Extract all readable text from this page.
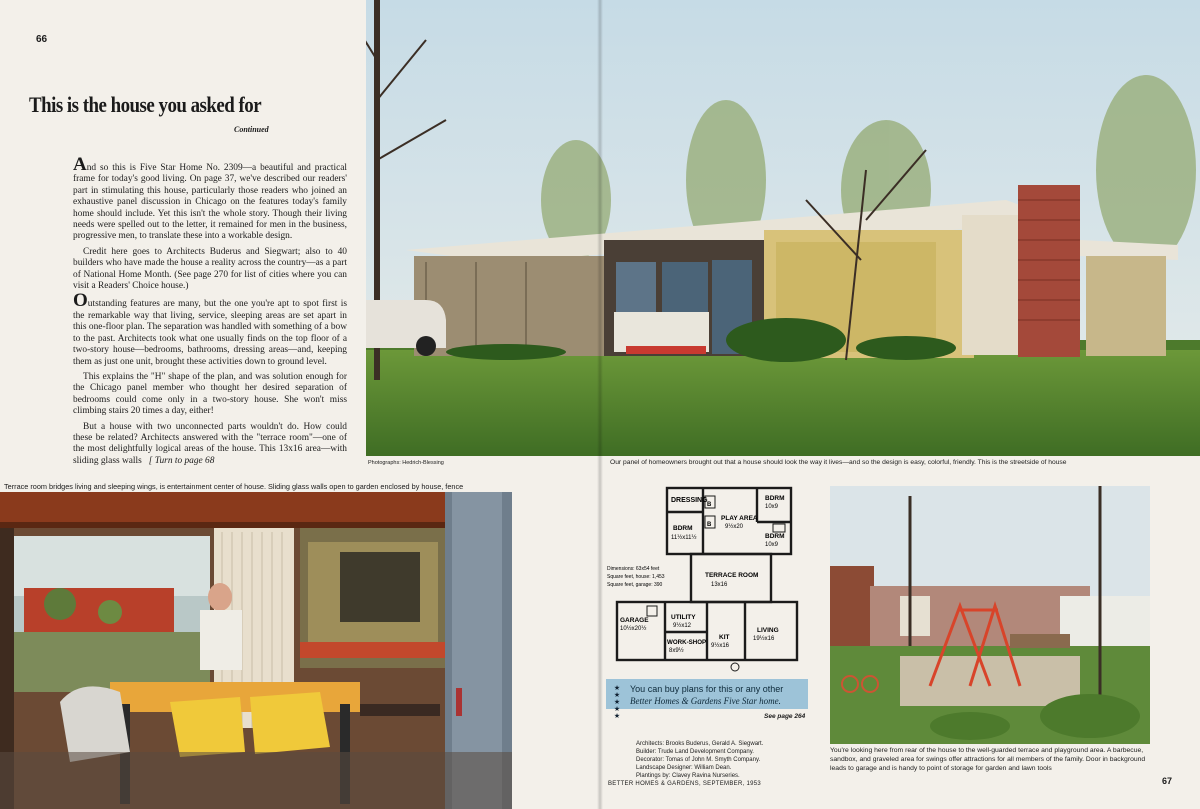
66
This is the house you asked for
Continued

And so this is Five Star Home No. 2309—a beautiful and practical frame for today's good living. On page 37, we've described our readers' part in stimulating this house, particularly those readers who joined an exhaustive panel discussion in Chicago on the features today's family home should include. Yet this isn't the whole story. Though their living needs were spelled out to the letter, it remained for men in the business, progressive men, to translate these into a workable design.

Credit here goes to Architects Buderus and Siegwart; also to 40 builders who have made the house a reality across the country—as a part of National Home Month. (See page 270 for list of cities where you can visit a Readers' Choice house.)

Outstanding features are many, but the one you're apt to spot first is the remarkable way that living, service, sleeping areas are set apart in this one-floor plan. The separation was handled with something of a bow to the past. Architects took what one usually finds on the top floor of a two-story house—bedrooms, bathrooms, dressing areas—and, keeping them as just one unit, brought these activities down to ground level.

This explains the "H" shape of the plan, and was solution enough for the Chicago panel member who thought her desired separation of bedrooms could come only in a two-story house. She won't miss climbing stairs 20 times a day, either!

But a house with two unconnected parts wouldn't do. How could these be related? Architects answered with the "terrace room"—one of the most delightfully logical areas of the house. This 13x16 area—with sliding glass walls [ Turn to page 68

Terrace room bridges living and sleeping wings, is entertainment center of house. Sliding glass walls open to garden enclosed by house, fence
Photographs: Hedrich-Blessing	Our panel of homeowners brought out that a house should look the way it lives—and so the design is easy, colorful, friendly. This is the streetside of house
You're looking here from rear of the house to the well-guarded terrace and playground area. A barbecue, sandbox, and graveled area for swings offer attractions for all members of the family. Door in background leads to garage and is handy to point of storage for garden and lawn tools
67
DRESSING	BDRM
10x9
PLAY AREA
9½x20
BDRM
11½x11½	BDRM
10x9
TERRACE ROOM
13x16
GARAGE
10½x20½
UTILITY
9½x12
WORK-SHOP
8x9½
KIT
9½x16
LIVING
19½x16
B
B
Dimensions: 63x54 feet
Square feet, house: 1,453
Square feet, garage: 390
★ ★ ★ ★ ★
You can buy plans for this or any other
Better Homes & Gardens Five Star home.
See page 264
Architects: Brooks Buderus, Gerald A. Siegwart.
Builder: Trude Land Development Company.
Decorator: Tomas of John M. Smyth Company.
Landscape Designer: William Dean.
Plantings by: Clavey Ravina Nurseries.
BETTER HOMES & GARDENS, SEPTEMBER, 1953
